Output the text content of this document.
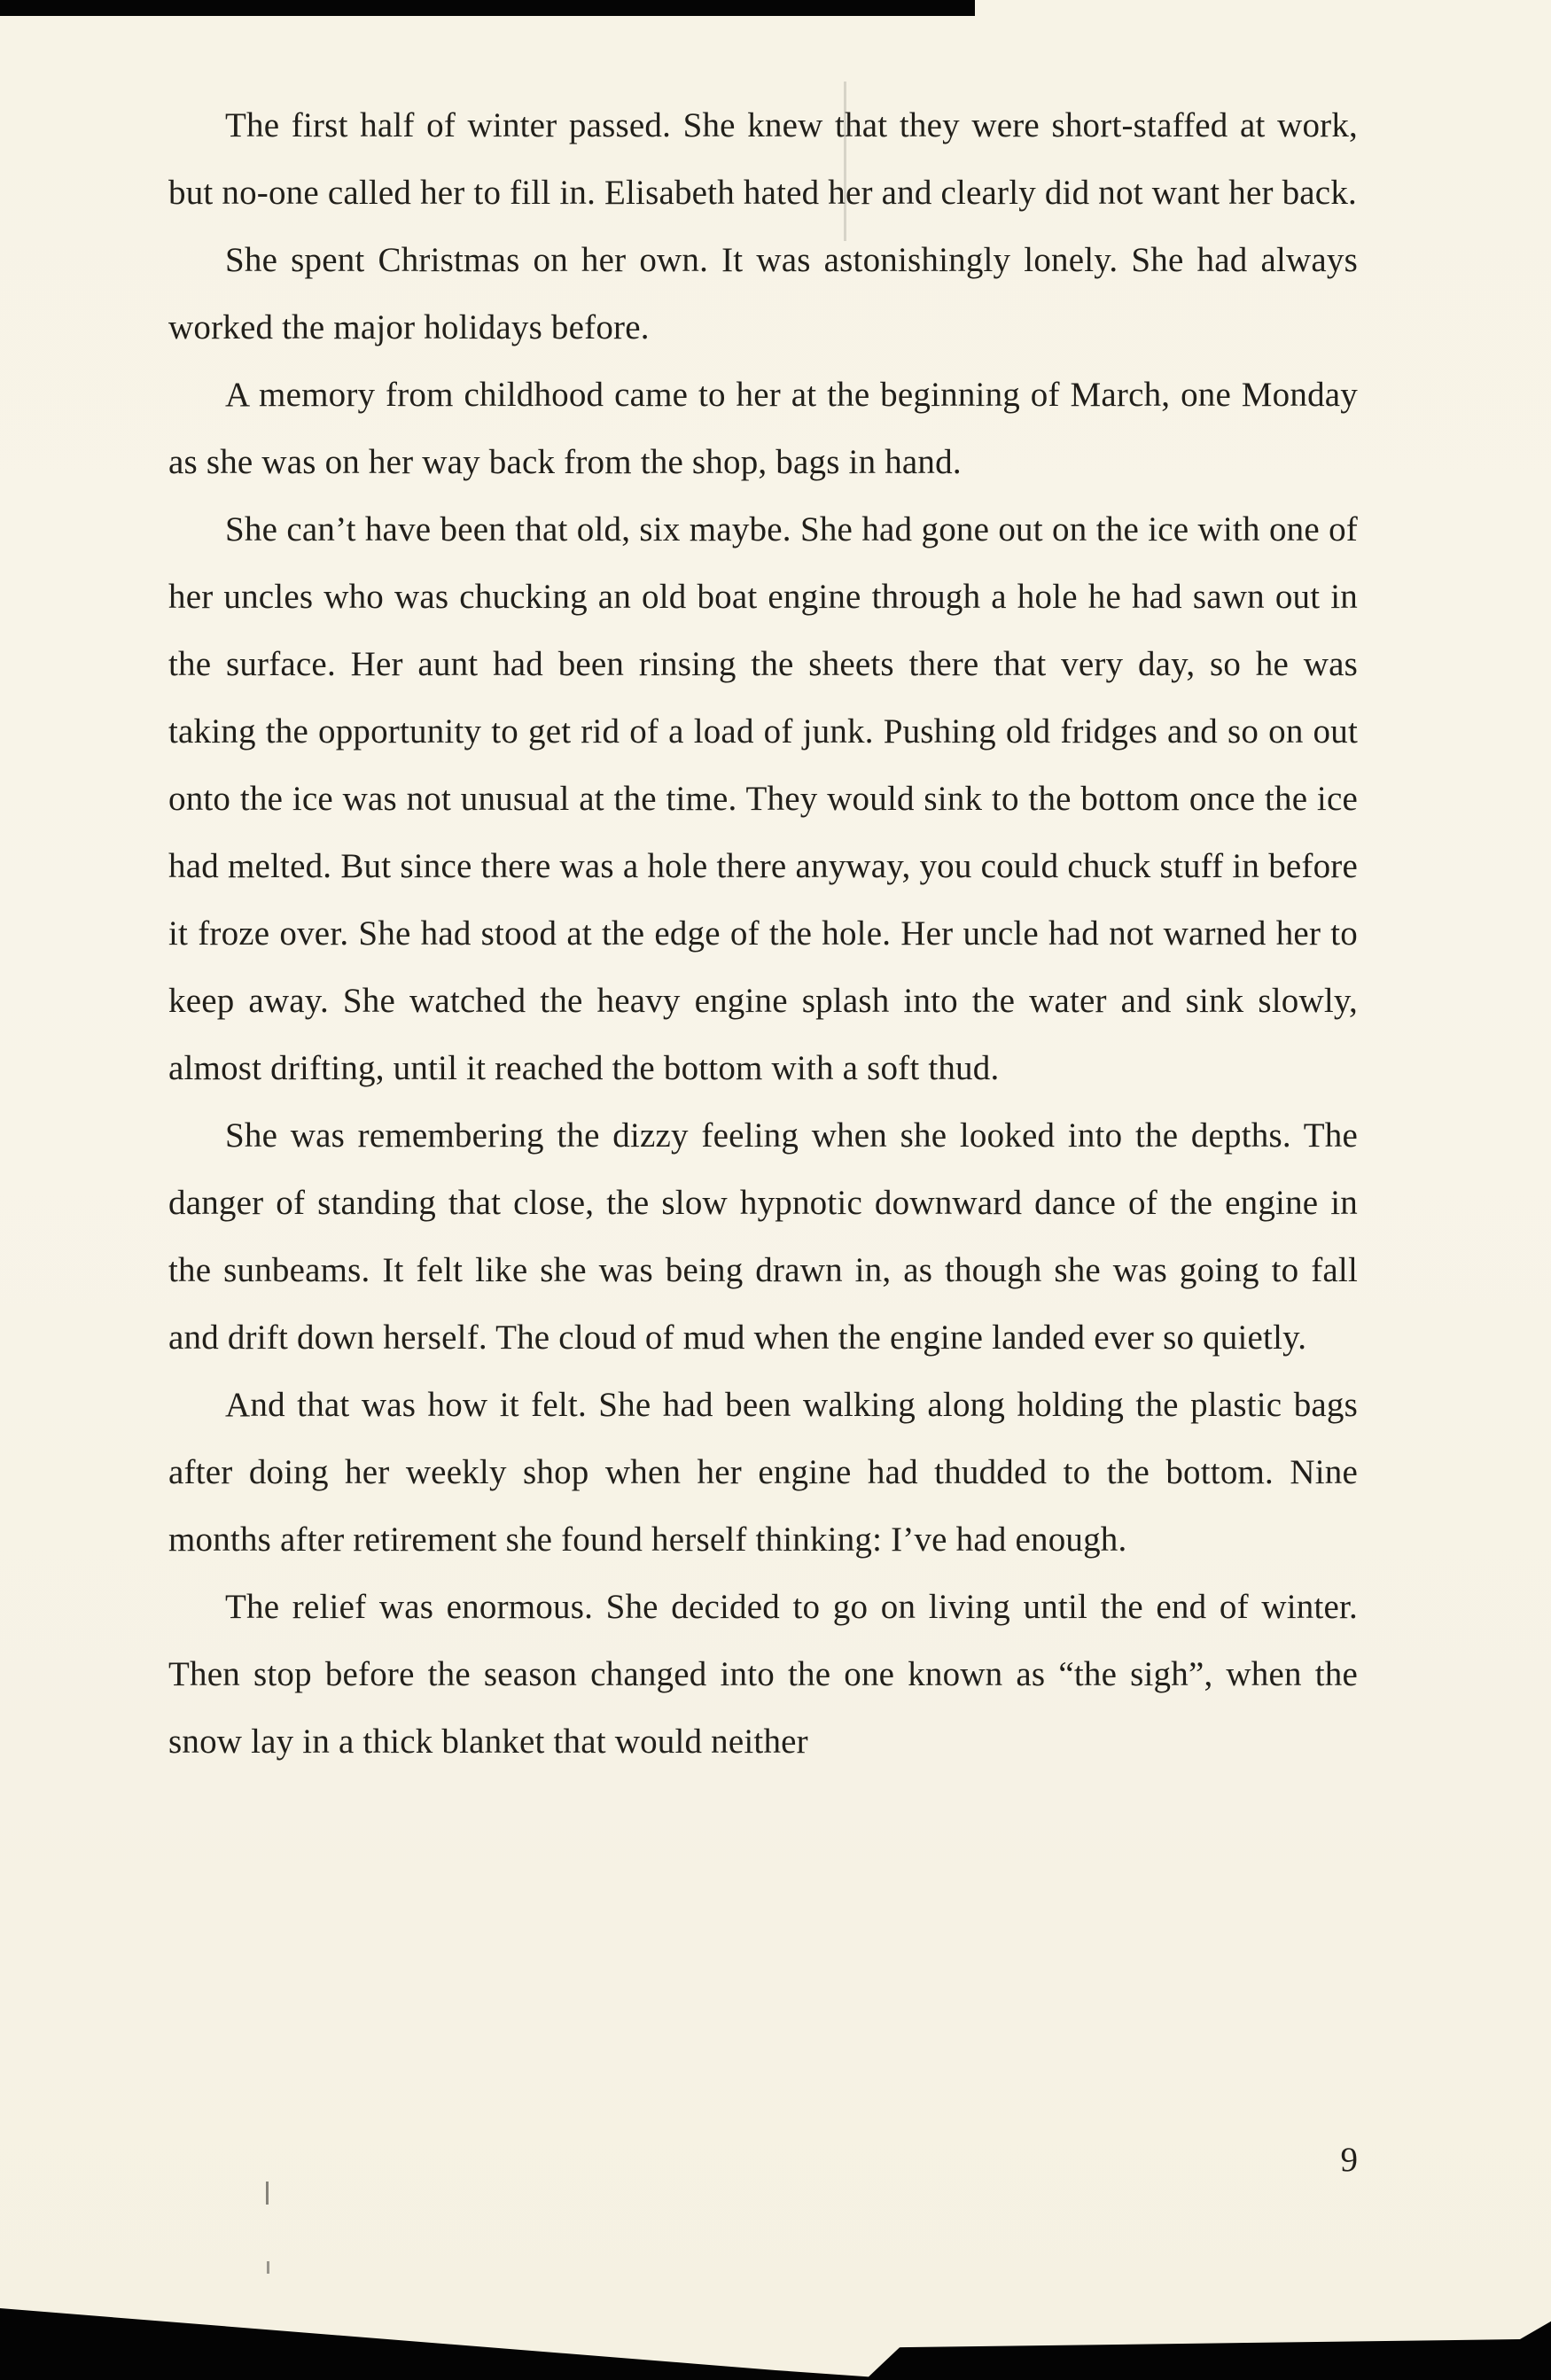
The first half of winter passed. She knew that they were short-staffed at work, but no-one called her to fill in. Elisabeth hated her and clearly did not want her back.

She spent Christmas on her own. It was astonishingly lonely. She had always worked the major holidays before.

A memory from childhood came to her at the beginning of March, one Monday as she was on her way back from the shop, bags in hand.

She can’t have been that old, six maybe. She had gone out on the ice with one of her uncles who was chucking an old boat engine through a hole he had sawn out in the surface. Her aunt had been rinsing the sheets there that very day, so he was taking the opportunity to get rid of a load of junk. Pushing old fridges and so on out onto the ice was not unusual at the time. They would sink to the bottom once the ice had melted. But since there was a hole there anyway, you could chuck stuff in before it froze over. She had stood at the edge of the hole. Her uncle had not warned her to keep away. She watched the heavy engine splash into the water and sink slowly, almost drifting, until it reached the bottom with a soft thud.

She was remembering the dizzy feeling when she looked into the depths. The danger of standing that close, the slow hypnotic downward dance of the engine in the sunbeams. It felt like she was being drawn in, as though she was going to fall and drift down herself. The cloud of mud when the engine landed ever so quietly.

And that was how it felt. She had been walking along holding the plastic bags after doing her weekly shop when her engine had thudded to the bottom. Nine months after retirement she found herself thinking: I’ve had enough.

The relief was enormous. She decided to go on living until the end of winter. Then stop before the season changed into the one known as “the sigh”, when the snow lay in a thick blanket that would neither

9
